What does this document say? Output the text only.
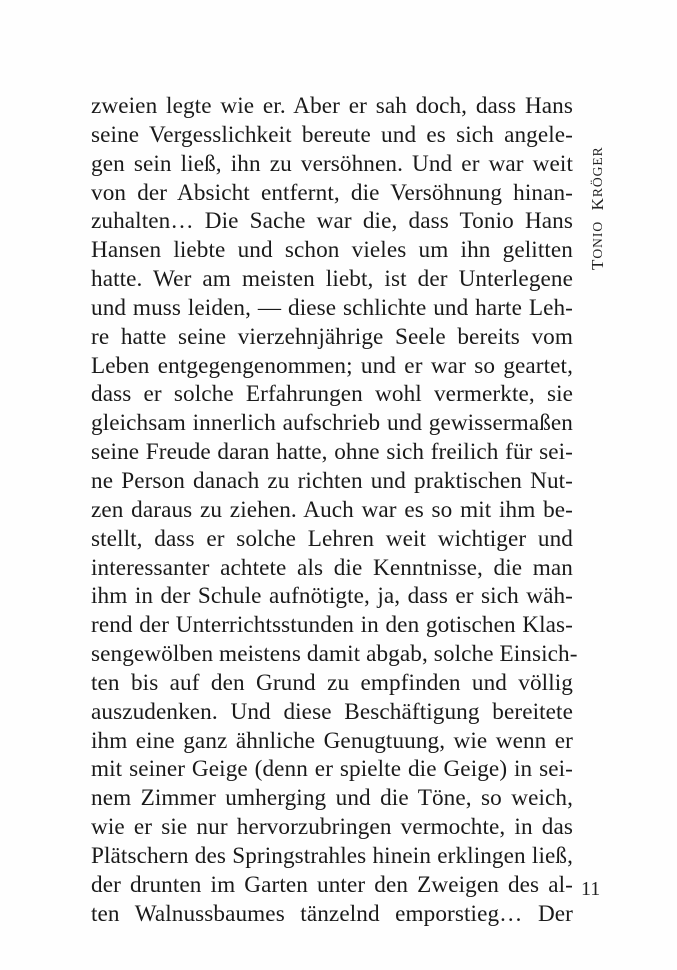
zweien legte wie er. Aber er sah doch, dass Hans
seine Vergesslichkeit bereute und es sich angele-
gen sein ließ, ihn zu versöhnen. Und er war weit
von der Absicht entfernt, die Versöhnung hinan-
zuhalten… Die Sache war die, dass Tonio Hans
Hansen liebte und schon vieles um ihn gelitten
hatte. Wer am meisten liebt, ist der Unterlegene
und muss leiden, — diese schlichte und harte Leh-
re hatte seine vierzehnjährige Seele bereits vom
Leben entgegengenommen; und er war so geartet,
dass er solche Erfahrungen wohl vermerkte, sie
gleichsam innerlich aufschrieb und gewissermaßen
seine Freude daran hatte, ohne sich freilich für sei-
ne Person danach zu richten und praktischen Nut-
zen daraus zu ziehen. Auch war es so mit ihm be-
stellt, dass er solche Lehren weit wichtiger und
interessanter achtete als die Kenntnisse, die man
ihm in der Schule aufnötigte, ja, dass er sich wäh-
rend der Unterrichtsstunden in den gotischen Klas-
sengewölben meistens damit abgab, solche Einsich-
ten bis auf den Grund zu empfinden und völlig
auszudenken. Und diese Beschäftigung bereitete
ihm eine ganz ähnliche Genugtuung, wie wenn er
mit seiner Geige (denn er spielte die Geige) in sei-
nem Zimmer umherging und die Töne, so weich,
wie er sie nur hervorzubringen vermochte, in das
Plätschern des Springstrahles hinein erklingen ließ,
der drunten im Garten unter den Zweigen des al-
ten Walnussbaumes tänzelnd emporstieg… Der
TONIO  KRÖGER
11
